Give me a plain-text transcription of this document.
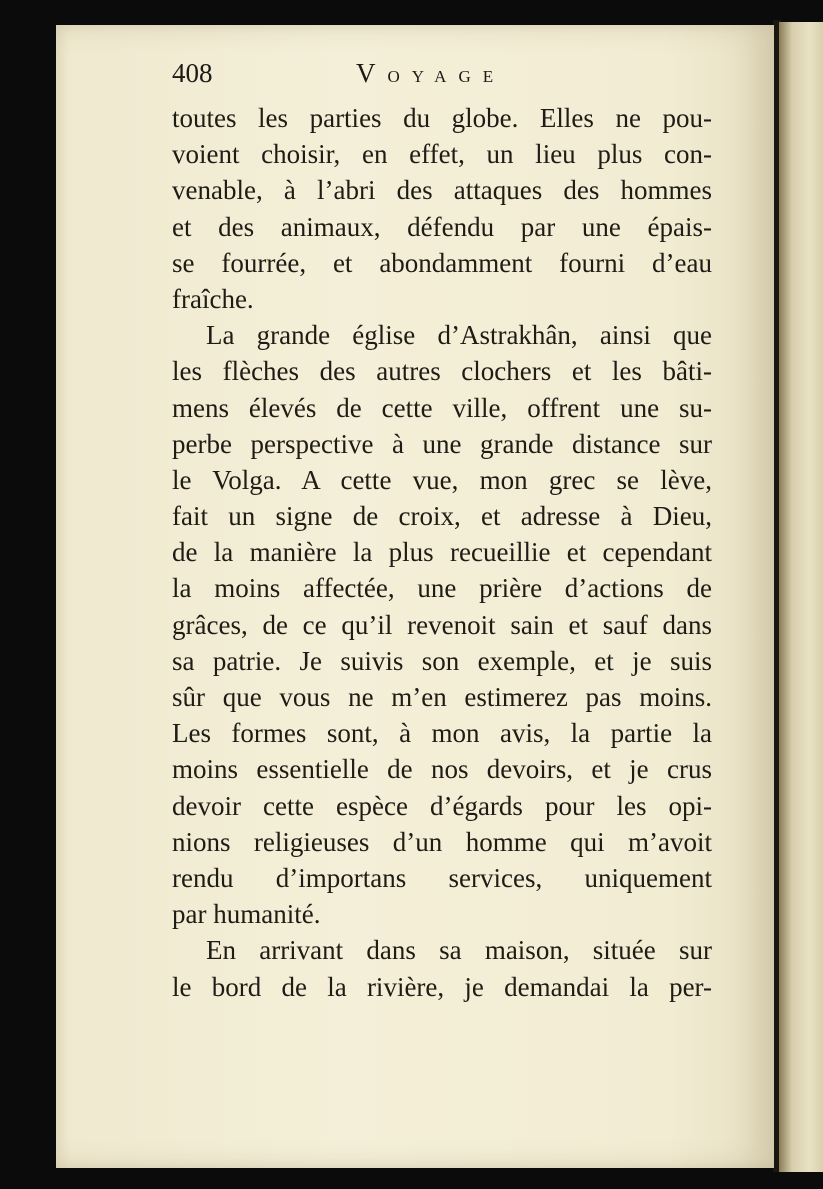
408	VOYAGE
toutes les parties du globe. Elles ne pou-
voient choisir, en effet, un lieu plus con-
venable, à l’abri des attaques des hommes
et des animaux, défendu par une épais-
se fourrée, et abondamment fourni d’eau
fraîche.
La grande église d’Astrakhân, ainsi que
les flèches des autres clochers et les bâti-
mens élevés de cette ville, offrent une su-
perbe perspective à une grande distance sur
le Volga. A cette vue, mon grec se lève,
fait un signe de croix, et adresse à Dieu,
de la manière la plus recueillie et cependant
la moins affectée, une prière d’actions de
grâces, de ce qu’il revenoit sain et sauf dans
sa patrie. Je suivis son exemple, et je suis
sûr que vous ne m’en estimerez pas moins.
Les formes sont, à mon avis, la partie la
moins essentielle de nos devoirs, et je crus
devoir cette espèce d’égards pour les opi-
nions religieuses d’un homme qui m’avoit
rendu d’importans services, uniquement
par humanité.
En arrivant dans sa maison, située sur
le bord de la rivière, je demandai la per-
